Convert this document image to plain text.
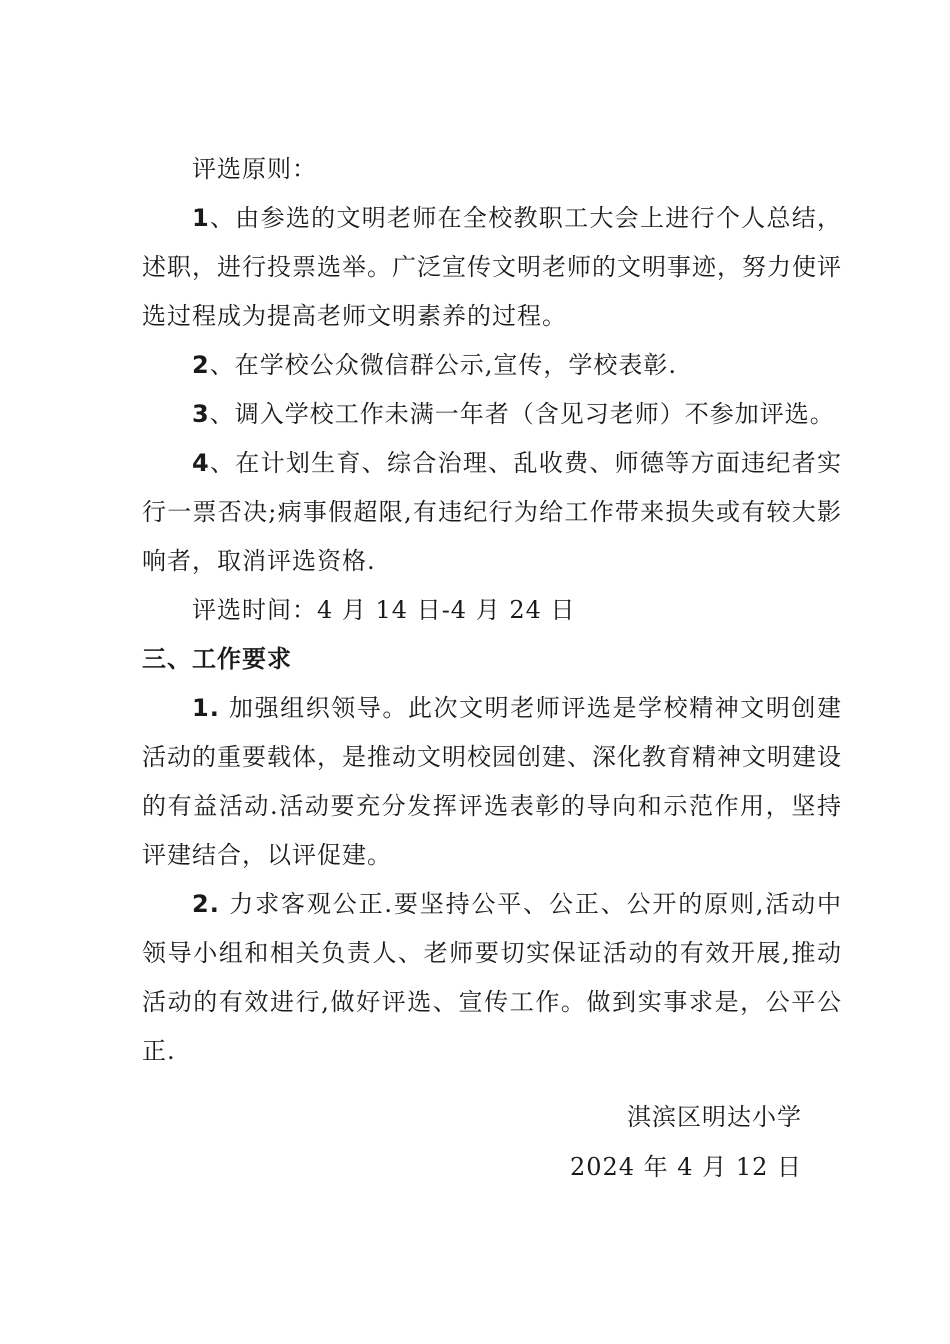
评选原则：

1、由参选的文明老师在全校教职工大会上进行个人总结，述职，进行投票选举。广泛宣传文明老师的文明事迹，努力使评选过程成为提高老师文明素养的过程。

2、在学校公众微信群公示,宣传，学校表彰.

3、调入学校工作未满一年者（含见习老师）不参加评选。

4、在计划生育、综合治理、乱收费、师德等方面违纪者实行一票否决;病事假超限,有违纪行为给工作带来损失或有较大影响者，取消评选资格.

评选时间：4 月 14 日-4 月 24 日

三、工作要求

1. 加强组织领导。此次文明老师评选是学校精神文明创建活动的重要载体，是推动文明校园创建、深化教育精神文明建设的有益活动.活动要充分发挥评选表彰的导向和示范作用，坚持评建结合，以评促建。

2. 力求客观公正.要坚持公平、公正、公开的原则,活动中领导小组和相关负责人、老师要切实保证活动的有效开展,推动活动的有效进行,做好评选、宣传工作。做到实事求是，公平公正.

淇滨区明达小学
2024 年 4 月 12 日
